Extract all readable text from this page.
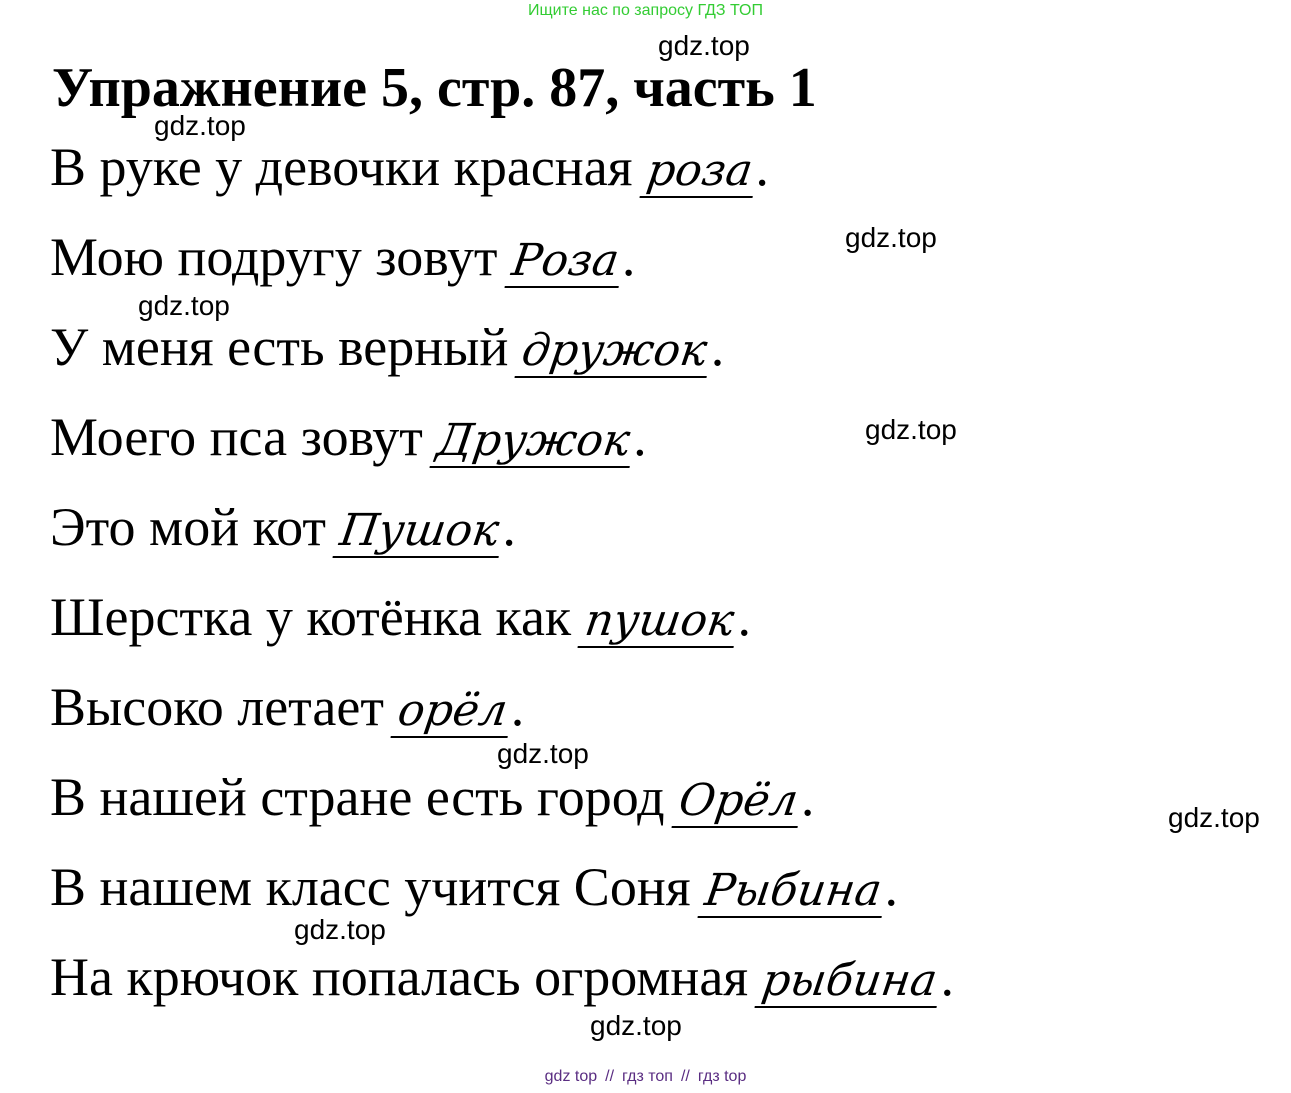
Ищите нас по запросу ГДЗ ТОП
Упражнение 5, стр. 87, часть 1
В руке у девочки красная роза.
Мою подругу зовут Роза.
У меня есть верный дружок.
Моего пса зовут Дружок.
Это мой кот Пушок.
Шерстка у котёнка как пушок.
Высоко летает орёл.
В нашей стране есть город Орёл.
В нашем класс учится Соня Рыбина.
На крючок попалась огромная рыбина.
gdz.top
gdz.top
gdz.top
gdz.top
gdz.top
gdz.top
gdz.top
gdz.top
gdz.top
gdz top // гдз топ // гдз top
